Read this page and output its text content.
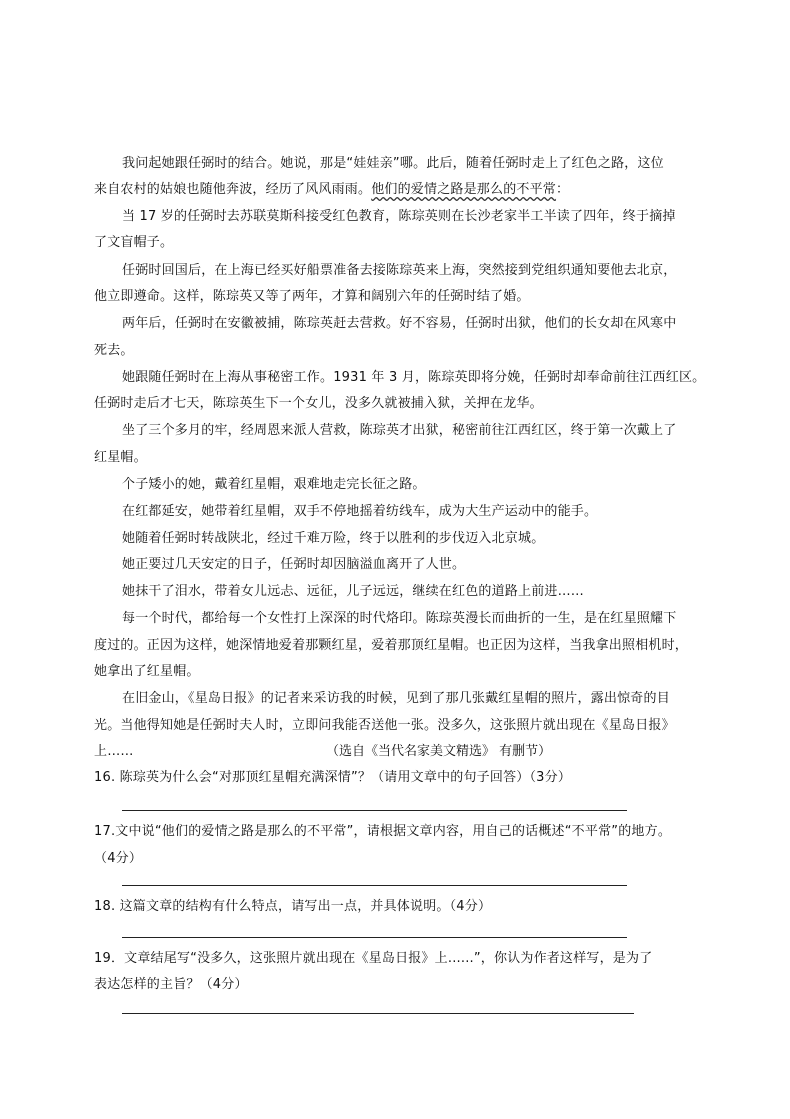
我问起她跟任弼时的结合。她说，那是“娃娃亲”哪。此后，随着任弼时走上了红色之路，这位
来自农村的姑娘也随他奔波，经历了风风雨雨。他们的爱情之路是那么的不平常：
当 17 岁的任弼时去苏联莫斯科接受红色教育，陈琮英则在长沙老家半工半读了四年，终于摘掉
了文盲帽子。
任弼时回国后，在上海已经买好船票准备去接陈琮英来上海，突然接到党组织通知要他去北京，
他立即遵命。这样，陈琮英又等了两年，才算和阔别六年的任弼时结了婚。
两年后，任弼时在安徽被捕，陈琮英赶去营救。好不容易，任弼时出狱，他们的长女却在风寒中
死去。
她跟随任弼时在上海从事秘密工作。1931 年 3 月，陈琮英即将分娩，任弼时却奉命前往江西红区。
任弼时走后才七天，陈琮英生下一个女儿，没多久就被捕入狱，关押在龙华。
坐了三个多月的牢，经周恩来派人营救，陈琮英才出狱，秘密前往江西红区，终于第一次戴上了
红星帽。
个子矮小的她，戴着红星帽，艰难地走完长征之路。
在红都延安，她带着红星帽，双手不停地摇着纺线车，成为大生产运动中的能手。
她随着任弼时转战陕北，经过千难万险，终于以胜利的步伐迈入北京城。
她正要过几天安定的日子，任弼时却因脑溢血离开了人世。
她抹干了泪水，带着女儿远忐、远征，儿子远远，继续在红色的道路上前进……
每一个时代，都给每一个女性打上深深的时代烙印。陈琮英漫长而曲折的一生，是在红星照耀下
度过的。正因为这样，她深情地爱着那颗红星，爱着那顶红星帽。也正因为这样，当我拿出照相机时，
她拿出了红星帽。
在旧金山，《星岛日报》的记者来采访我的时候，见到了那几张戴红星帽的照片，露出惊奇的目
光。当他得知她是任弼时夫人时，立即问我能否送他一张。没多久，这张照片就出现在《星岛日报》
上……	（选自《当代名家美文精选》 有删节）
16. 陈琮英为什么会“对那顶红星帽充满深情”？（请用文章中的句子回答）（3分）
17.文中说“他们的爱情之路是那么的不平常”，请根据文章内容，用自己的话概述“不平常”的地方。
（4分）
18. 这篇文章的结构有什么特点，请写出一点，并具体说明。（4分）
19．文章结尾写“没多久，这张照片就出现在《星岛日报》上......”，你认为作者这样写，是为了
表达怎样的主旨？（4分）
